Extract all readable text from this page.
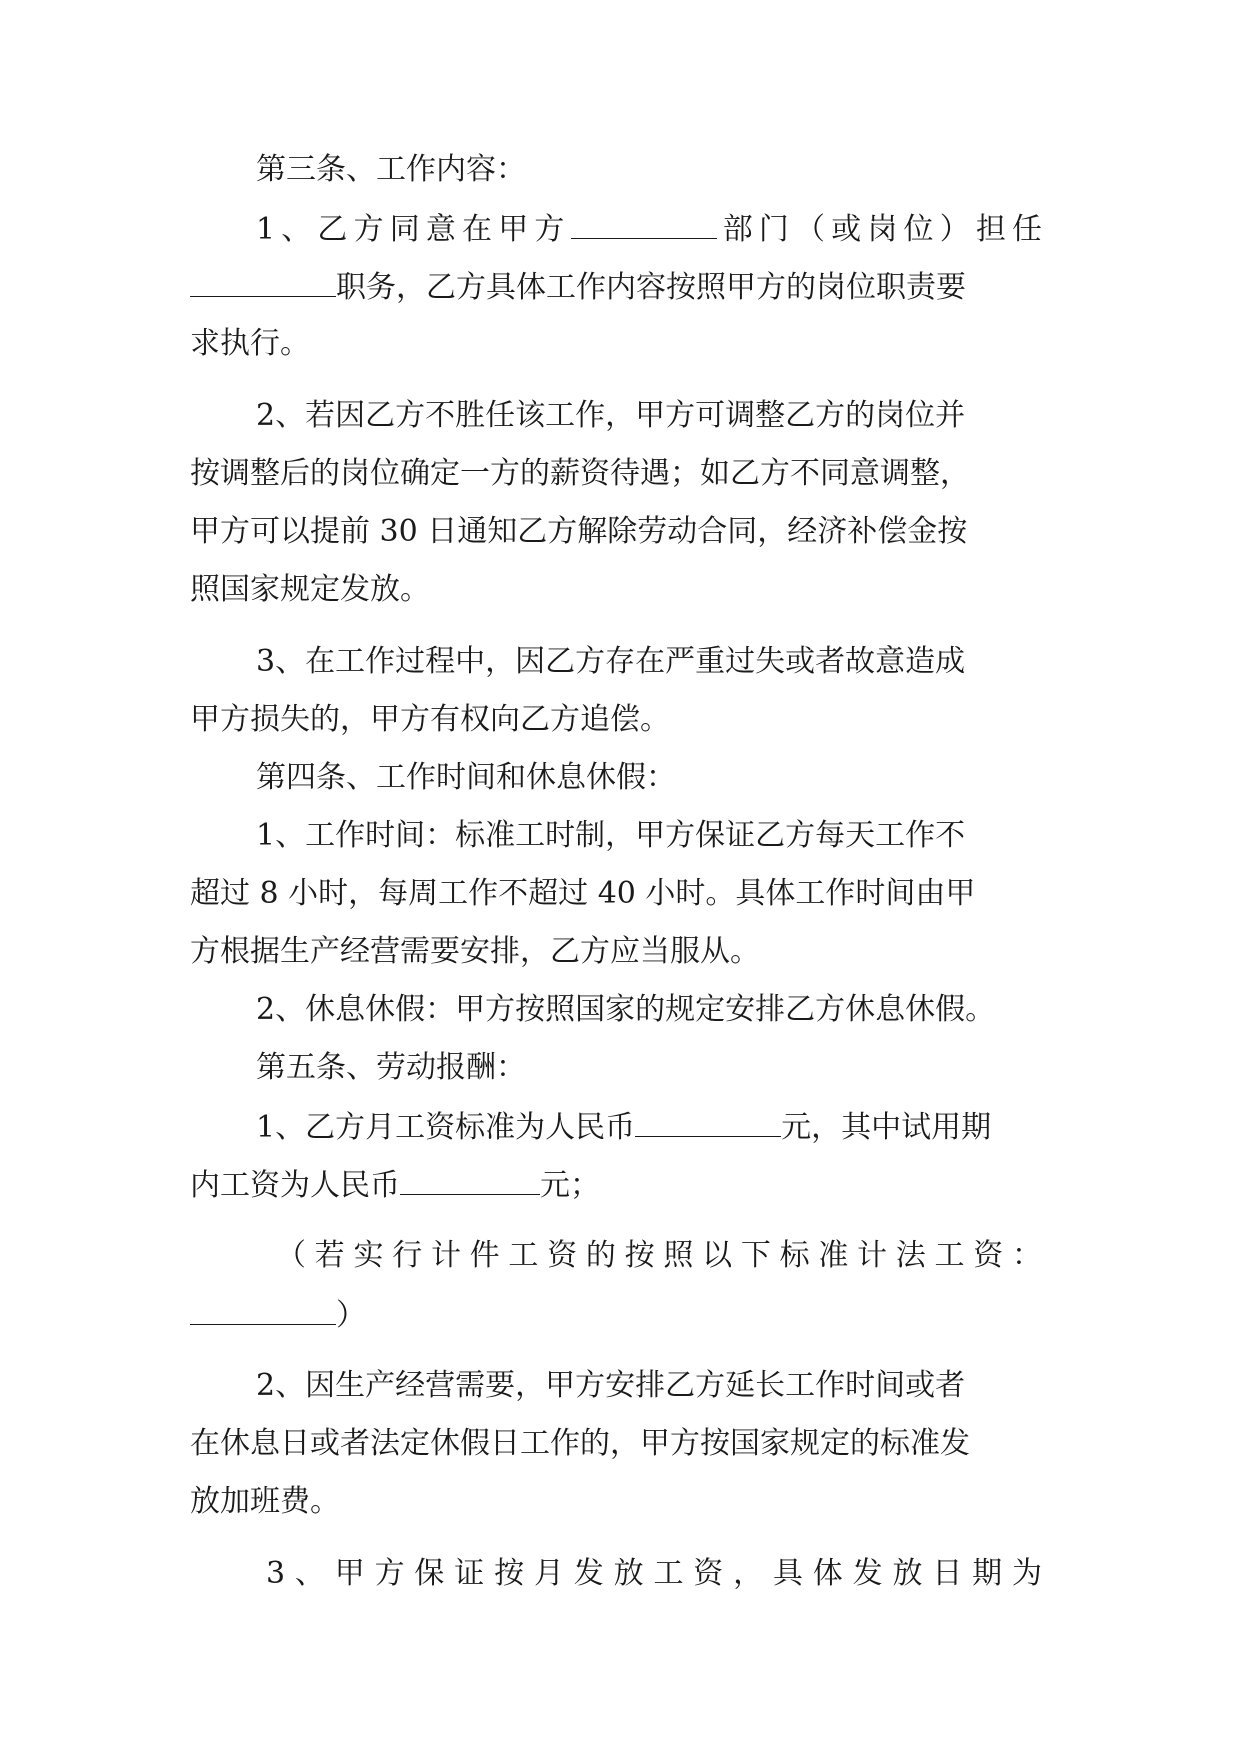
第三条、工作内容：
1、乙方同意在甲方	部门（或岗位）担任
职务，乙方具体工作内容按照甲方的岗位职责要
求执行。
2、若因乙方不胜任该工作，甲方可调整乙方的岗位并
按调整后的岗位确定一方的薪资待遇；如乙方不同意调整，
甲方可以提前 30 日通知乙方解除劳动合同，经济补偿金按
照国家规定发放。
3、在工作过程中，因乙方存在严重过失或者故意造成
甲方损失的，甲方有权向乙方追偿。
第四条、工作时间和休息休假：
1、工作时间：标准工时制，甲方保证乙方每天工作不
超过 8 小时，每周工作不超过 40 小时。具体工作时间由甲
方根据生产经营需要安排，乙方应当服从。
2、休息休假：甲方按照国家的规定安排乙方休息休假。
第五条、劳动报酬：
1、乙方月工资标准为人民币	元，其中试用期
内工资为人民币	元；
（若实行计件工资的按照以下标准计法工资：
）
2、因生产经营需要，甲方安排乙方延长工作时间或者
在休息日或者法定休假日工作的，甲方按国家规定的标准发
放加班费。
3、甲方保证按月发放工资，具体发放日期为
